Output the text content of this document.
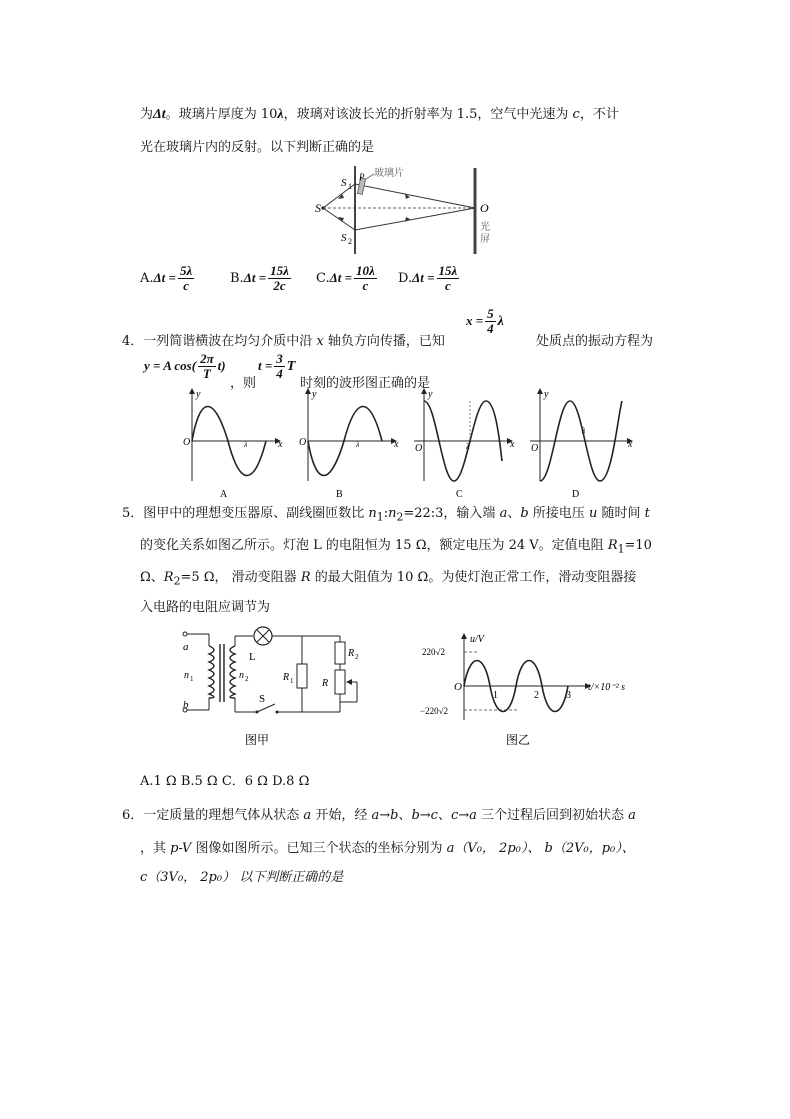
为Δt。玻璃片厚度为 10λ，玻璃对该波长光的折射率为 1.5，空气中光速为 c，不计
光在玻璃片内的反射。以下判断正确的是
S
S 1
S 2
P 玻璃片
O
光
屏
$A.\Delta t = \frac{5\lambda}{c}$	$B.\Delta t = \frac{15\lambda}{2c} C.\Delta t = \frac{10\lambda}{c} D.\Delta t = \frac{15\lambda}{c}$
4．一列简谐横波在均匀介质中沿 x 轴负方向传播，已知
$x = \frac{5}{4}$ λ
处质点的振动方程为
y = A $\cos( \frac{2\pi}{T} t)$
，则
$t = \frac{3}{4}$ T
时刻的波形图正确的是
O
y
x
λ
A
O
y
x
λ
B
O
y
x
λ
C
O
y
x
λ
D
5．图甲中的理想变压器原、副线圈匝数比 $n_1:n_2=22:3$，输入端 a、b 所接电压 u 随时间 t
的变化关系如图乙所示。灯泡 L 的电阻恒为 15 Ω，额定电压为 24 V。定值电阻 $R_1=10$
Ω、$R_2=5$ Ω， 滑动变阻器 R 的最大阻值为 10 Ω。为使灯泡正常工作，滑动变阻器接
入电路的电阻应调节为
a
b
n 1	n 2
L
R 1
R 2
R
S
图甲
u/V
220√2
−220√2
O
1	2	3
t/×10⁻² s
图乙
A.1 Ω B.5 Ω C．6 Ω D.8 Ω
6．一定质量的理想气体从状态 a 开始，经 a→b、b→c、c→a 三个过程后回到初始状态 a
，其 p-V 图像如图所示。已知三个状态的坐标分别为 a（V₀， 2p₀）、 b（2V₀，p₀）、
c（3V₀， 2p₀） 以下判断正确的是
